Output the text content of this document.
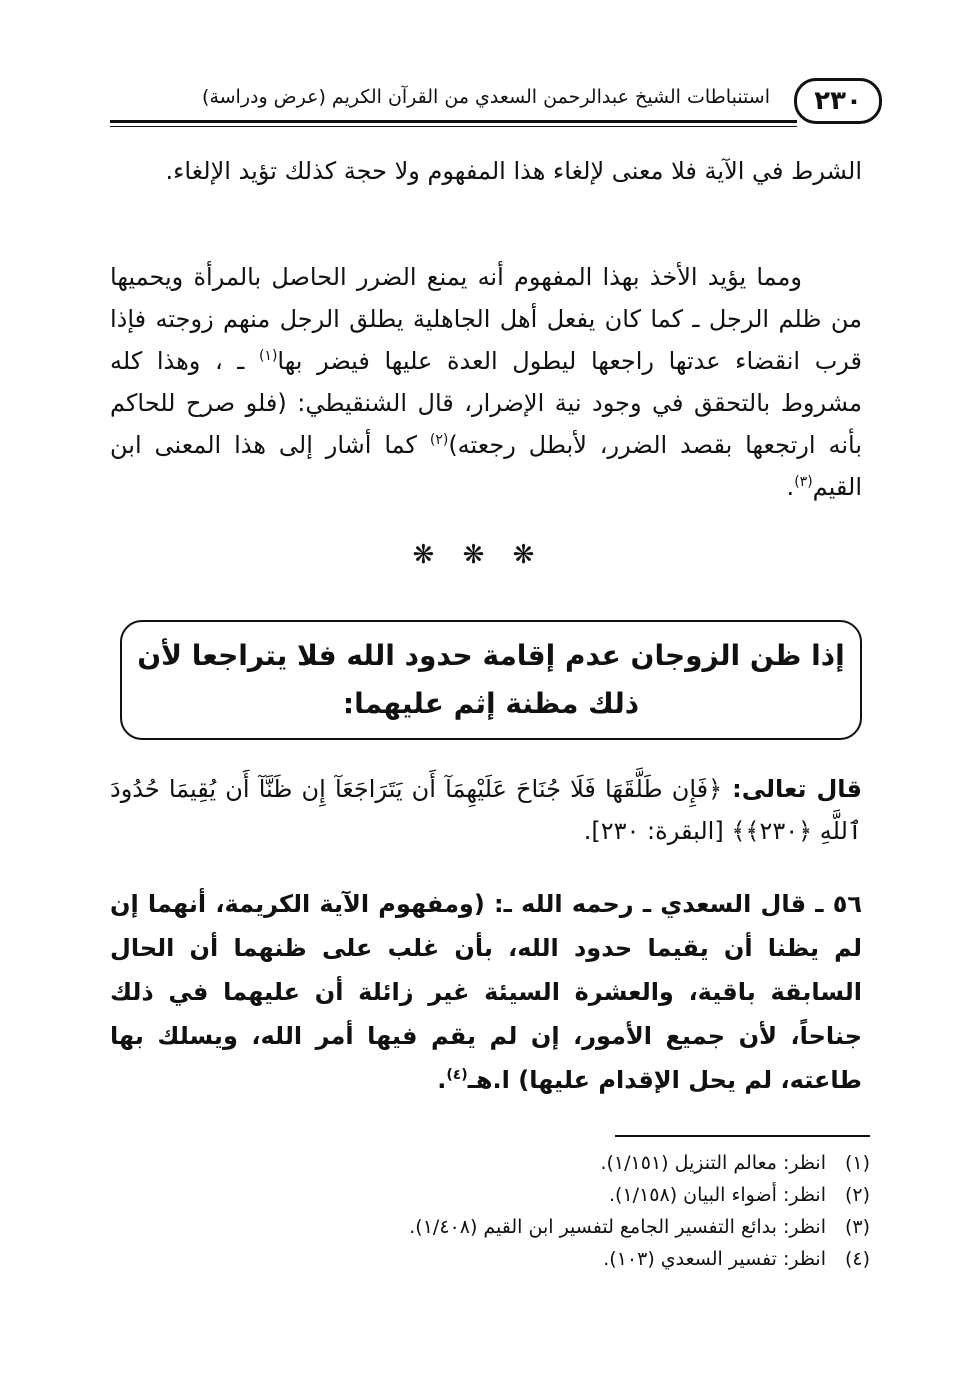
٢٣٠
استنباطات الشيخ عبدالرحمن السعدي من القرآن الكريم (عرض ودراسة)
الشرط في الآية فلا معنى لإلغاء هذا المفهوم ولا حجة كذلك تؤيد الإلغاء.
ومما يؤيد الأخذ بهذا المفهوم أنه يمنع الضرر الحاصل بالمرأة ويحميها من ظلم الرجل ـ كما كان يفعل أهل الجاهلية يطلق الرجل منهم زوجته فإذا قرب انقضاء عدتها راجعها ليطول العدة عليها فيضر بها$^{(١)}$ ـ ، وهذا كله مشروط بالتحقق في وجود نية الإضرار، قال الشنقيطي: (فلو صرح للحاكم بأنه ارتجعها بقصد الضرر، لأبطل رجعته)$^{(٢)}$ كما أشار إلى هذا المعنى ابن القيم$^{(٣)}$.
❋ ❋ ❋
إذا ظن الزوجان عدم إقامة حدود الله فلا يتراجعا لأن ذلك مظنة إثم عليهما:
قال تعالى: ﴿فَإِن طَلَّقَهَا فَلَا جُنَاحَ عَلَيْهِمَآ أَن يَتَرَاجَعَآ إِن ظَنَّآ أَن يُقِيمَا حُدُودَ ٱللَّهِ ﴿٢٣٠﴾﴾ [البقرة: ٢٣٠].
٥٦ ـ قال السعدي ـ رحمه الله ـ: (ومفهوم الآية الكريمة، أنهما إن لم يظنا أن يقيما حدود الله، بأن غلب على ظنهما أن الحال السابقة باقية، والعشرة السيئة غير زائلة أن عليهما في ذلك جناحاً، لأن جميع الأمور، إن لم يقم فيها أمر الله، ويسلك بها طاعته، لم يحل الإقدام عليها) ا.هـ$^{(٤)}$.
(١)انظر: معالم التنزيل (١/١٥١).
(٢)انظر: أضواء البيان (١/١٥٨).
(٣)انظر: بدائع التفسير الجامع لتفسير ابن القيم (١/٤٠٨).
(٤)انظر: تفسير السعدي (١٠٣).
